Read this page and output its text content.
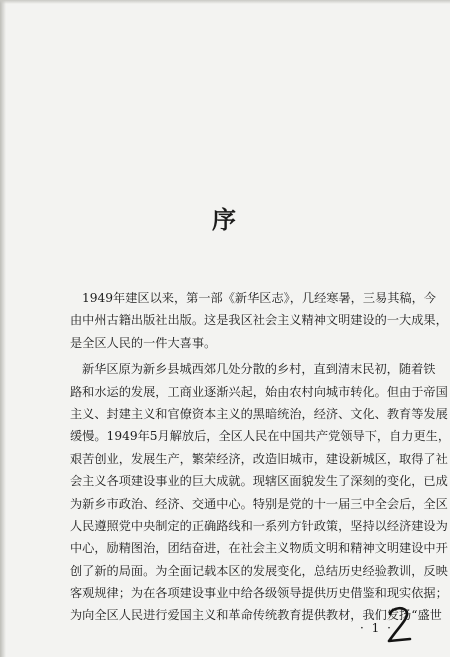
序
1949年建区以来，第一部《新华区志》，几经寒暑，三易其稿，今
由中州古籍出版社出版。这是我区社会主义精神文明建设的一大成果，
是全区人民的一件大喜事。
新华区原为新乡县城西郊几处分散的乡村，直到清末民初，随着铁
路和水运的发展，工商业逐渐兴起，始由农村向城市转化。但由于帝国
主义、封建主义和官僚资本主义的黑暗统治，经济、文化、教育等发展
缓慢。1949年5月解放后，全区人民在中国共产党领导下，自力更生，
艰苦创业，发展生产，繁荣经济，改造旧城市，建设新城区，取得了社
会主义各项建设事业的巨大成就。现辖区面貌发生了深刻的变化，已成
为新乡市政治、经济、交通中心。特别是党的十一届三中全会后，全区
人民遵照党中央制定的正确路线和一系列方针政策，坚持以经济建设为
中心，励精图治，团结奋进，在社会主义物质文明和精神文明建设中开
创了新的局面。为全面记载本区的发展变化，总结历史经验教训，反映
客观规律；为在各项建设事业中给各级领导提供历史借鉴和现实依据；
为向全区人民进行爱国主义和革命传统教育提供教材，我们发扬“盛世
· 1 ·
